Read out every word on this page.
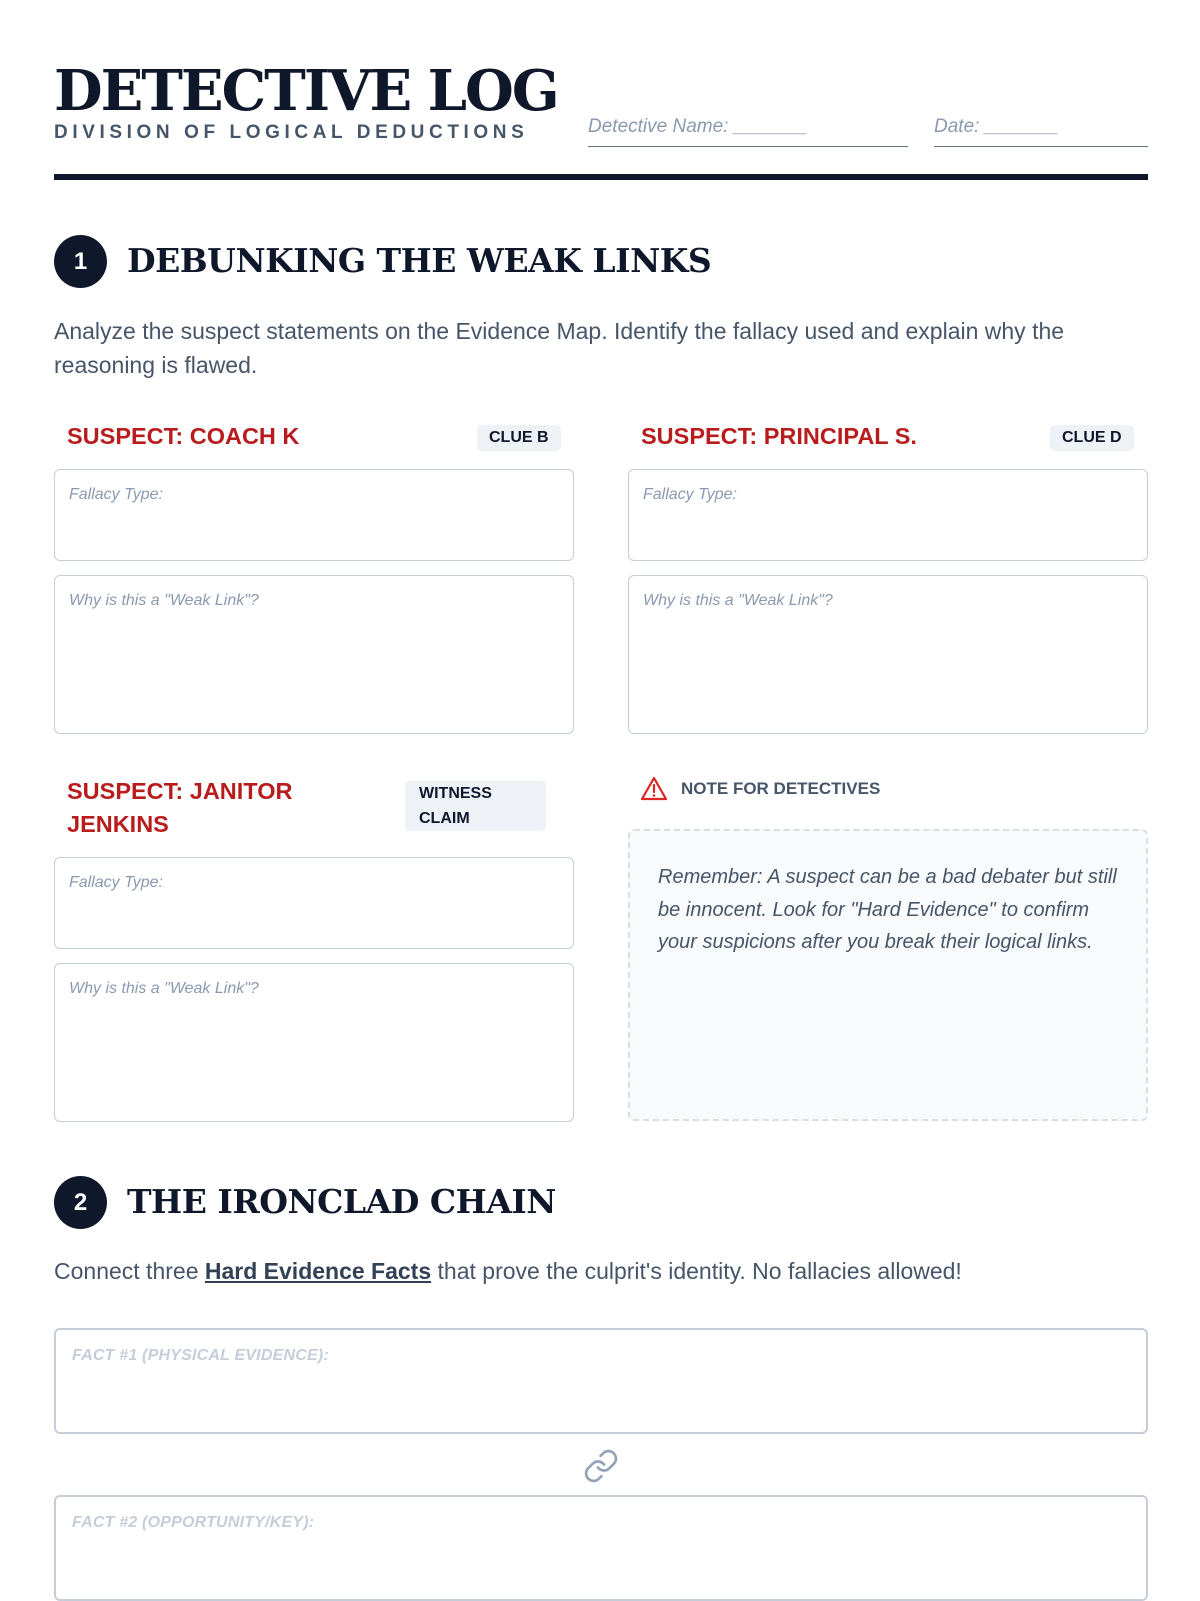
DETECTIVE LOG
DIVISION OF LOGICAL DEDUCTIONS	Detective Name: _______	Date: _______
1	DEBUNKING THE WEAK LINKS
Analyze the suspect statements on the Evidence Map. Identify the fallacy used and explain why the reasoning is flawed.
SUSPECT: COACH K	CLUE B
Fallacy Type:
Why is this a "Weak Link"?
SUSPECT: PRINCIPAL S.	CLUE D
Fallacy Type:
Why is this a "Weak Link"?
SUSPECT: JANITOR JENKINS
WITNESS CLAIM
Fallacy Type:
Why is this a "Weak Link"?
NOTE FOR DETECTIVES
Remember: A suspect can be a bad debater but still be innocent. Look for "Hard Evidence" to confirm your suspicions after you break their logical links.
2	THE IRONCLAD CHAIN
Connect three Hard Evidence Facts that prove the culprit's identity. No fallacies allowed!
FACT #1 (PHYSICAL EVIDENCE):
FACT #2 (OPPORTUNITY/KEY):
